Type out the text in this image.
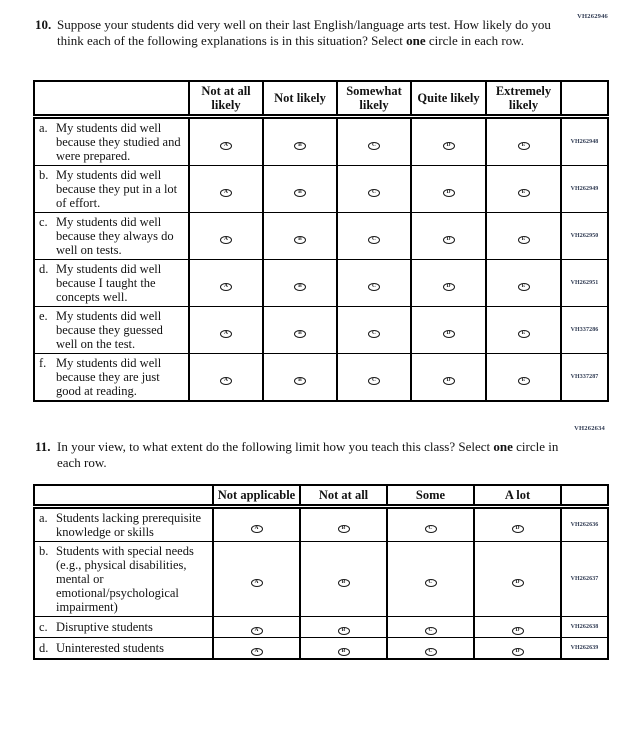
VH262946
10. Suppose your students did very well on their last English/language arts test. How likely do you think each of the following explanations is in this situation? Select one circle in each row.
	Not at all likely	Not likely	Somewhat likely	Quite likely	Extremely likely	

a. My students did well because they studied and were prepared.	A	B	C	D	E	VH262948

b. My students did well because they put in a lot of effort.	A	B	C	D	E	VH262949

c. My students did well because they always do well on tests.	A	B	C	D	E	VH262950

d. My students did well because I taught the concepts well.	A	B	C	D	E	VH262951

e. My students did well because they guessed well on the test.	A	B	C	D	E	VH337286

f. My students did well because they are just good at reading.	A	B	C	D	E	VH337287
VH262634
11. In your view, to what extent do the following limit how you teach this class? Select one circle in each row.
	Not applicable	Not at all	Some	A lot	

a. Students lacking prerequisite knowledge or skills	A	B	C	D	VH262636

b. Students with special needs (e.g., physical disabilities, mental or emotional/psychological impairment)	A	B	C	D	VH262637

c. Disruptive students	A	B	C	D	VH262638

d. Uninterested students	A	B	C	D	VH262639
